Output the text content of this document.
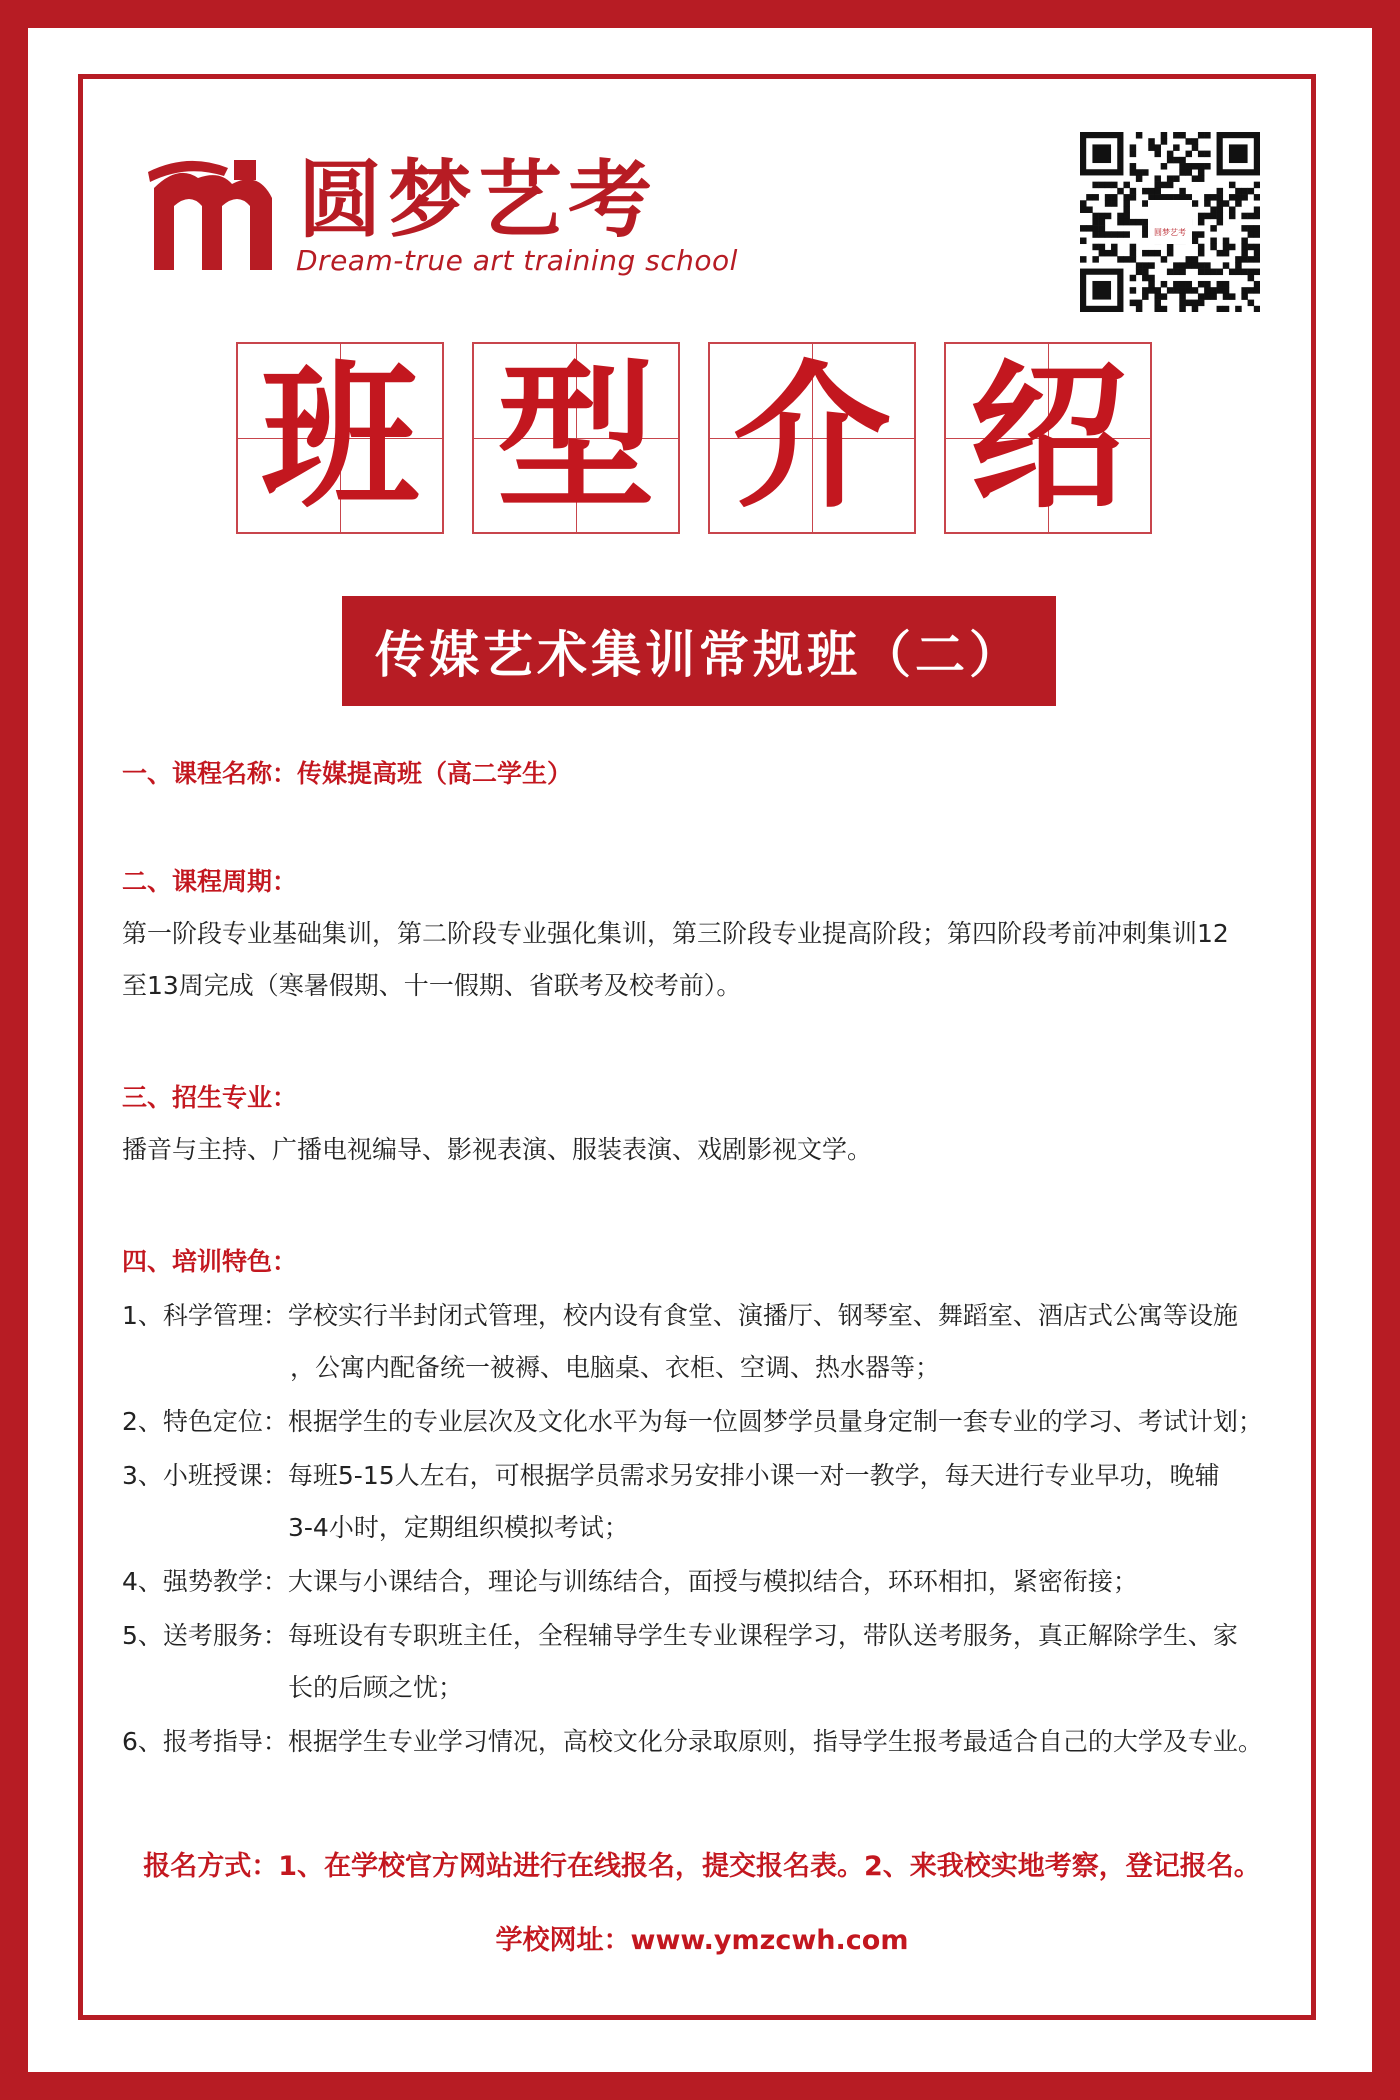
圆梦艺考
Dream-true art training school
圆梦艺考
班 型 介 绍
传媒艺术集训常规班（二）
一、课程名称：传媒提高班（高二学生）
二、课程周期：
第一阶段专业基础集训，第二阶段专业强化集训，第三阶段专业提高阶段；第四阶段考前冲刺集训12
至13周完成（寒暑假期、十一假期、省联考及校考前）。
三、招生专业：
播音与主持、广播电视编导、影视表演、服装表演、戏剧影视文学。
四、培训特色：
1、科学管理：学校实行半封闭式管理，校内设有食堂、演播厅、钢琴室、舞蹈室、酒店式公寓等设施
，公寓内配备统一被褥、电脑桌、衣柜、空调、热水器等；
2、特色定位：根据学生的专业层次及文化水平为每一位圆梦学员量身定制一套专业的学习、考试计划；
3、小班授课：每班5-15人左右，可根据学员需求另安排小课一对一教学，每天进行专业早功，晚辅
3-4小时，定期组织模拟考试；
4、强势教学：大课与小课结合，理论与训练结合，面授与模拟结合，环环相扣，紧密衔接；
5、送考服务：每班设有专职班主任，全程辅导学生专业课程学习，带队送考服务，真正解除学生、家
长的后顾之忧；
6、报考指导：根据学生专业学习情况，高校文化分录取原则，指导学生报考最适合自己的大学及专业。
报名方式：1、在学校官方网站进行在线报名，提交报名表。2、来我校实地考察，登记报名。
学校网址：www.ymzcwh.com
